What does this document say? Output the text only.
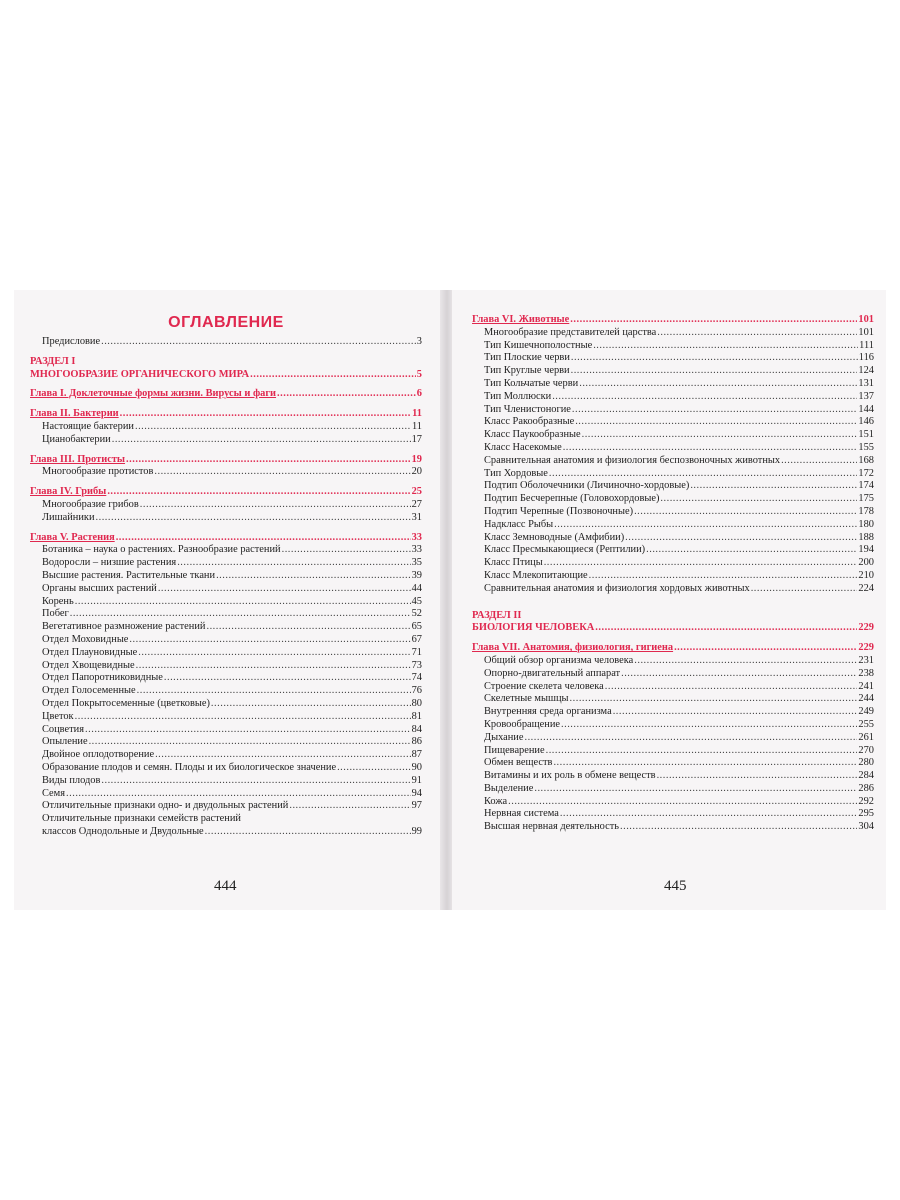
ОГЛАВЛЕНИЕ
Предисловие .....	3
РАЗДЕЛ I
МНОГООБРАЗИЕ ОРГАНИЧЕСКОГО МИРА .....	5
Глава I. Доклеточные формы жизни. Вирусы и фаги .....	6
Глава II. Бактерии .....	11
Настоящие бактерии .....	11
Цианобактерии .....	17
Глава III. Протисты .....	19
Многообразие протистов .....	20
Глава IV. Грибы .....	25
Многообразие грибов .....	27
Лишайники .....	31
Глава V. Растения .....	33
Ботаника – наука о растениях. Разнообразие растений .....	33
Водоросли – низшие растения .....	35
Высшие растения. Растительные ткани .....	39
Органы высших растений .....	44
Корень .....	45
Побег .....	52
Вегетативное размножение растений .....	65
Отдел Моховидные .....	67
Отдел Плауновидные .....	71
Отдел Хвощевидные .....	73
Отдел Папоротниковидные .....	74
Отдел Голосеменные .....	76
Отдел Покрытосеменные (цветковые) .....	80
Цветок .....	81
Соцветия .....	84
Опыление .....	86
Двойное оплодотворение .....	87
Образование плодов и семян. Плоды и их биологическое значение .....	90
Виды плодов .....	91
Семя .....	94
Отличительные признаки одно- и двудольных растений .....	97
Отличительные признаки семейств растений
классов Однодольные и Двудольные .....	99
444
Глава VI. Животные .....	101
Многообразие представителей царства .....	101
Тип Кишечнополостные .....	111
Тип Плоские черви .....	116
Тип Круглые черви .....	124
Тип Кольчатые черви .....	131
Тип Моллюски .....	137
Тип Членистоногие .....	144
Класс Ракообразные .....	146
Класс Паукообразные .....	151
Класс Насекомые .....	155
Сравнительная анатомия и физиология беспозвоночных животных .....	168
Тип Хордовые .....	172
Подтип Оболочечники (Личиночно-хордовые) .....	174
Подтип Бесчерепные (Головохордовые) .....	175
Подтип Черепные (Позвоночные) .....	178
Надкласс Рыбы .....	180
Класс Земноводные (Амфибии) .....	188
Класс Пресмыкающиеся (Рептилии) .....	194
Класс Птицы .....	200
Класс Млекопитающие .....	210
Сравнительная анатомия и физиология хордовых животных .....	224
РАЗДЕЛ II
БИОЛОГИЯ ЧЕЛОВЕКА .....	229
Глава VII. Анатомия, физиология, гигиена .....	229
Общий обзор организма человека .....	231
Опорно-двигательный аппарат .....	238
Строение скелета человека .....	241
Скелетные мышцы .....	244
Внутренняя среда организма .....	249
Кровообращение .....	255
Дыхание .....	261
Пищеварение .....	270
Обмен веществ .....	280
Витамины и их роль в обмене веществ .....	284
Выделение .....	286
Кожа .....	292
Нервная система .....	295
Высшая нервная деятельность .....	304
445
